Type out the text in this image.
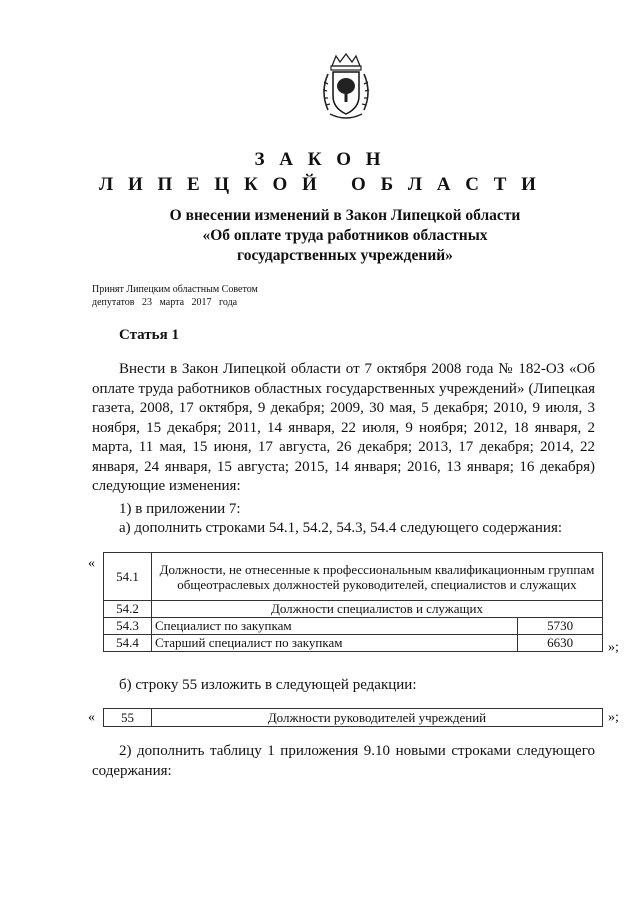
З А К О Н
Л И П Е Ц К О Й   О Б Л А С Т И
О внесении изменений в Закон Липецкой области
«Об оплате труда работников областных
государственных учреждений»
Принят Липецким областным Советом
депутатов   23   марта   2017   года
Статья 1
Внести в Закон Липецкой области от 7 октября 2008 года № 182-ОЗ «Об оплате труда работников областных государственных учреждений» (Липецкая газета, 2008, 17 октября, 9 декабря; 2009, 30 мая, 5 декабря; 2010, 9 июля, 3 ноября, 15 декабря; 2011, 14 января, 22 июля, 9 ноября; 2012, 18 января, 2 марта, 11 мая, 15 июня, 17 августа, 26 декабря; 2013, 17 декабря; 2014, 22 января, 24 января, 15 августа; 2015, 14 января; 2016, 13 января; 16 декабря) следующие изменения:
1) в приложении 7:
а) дополнить строками 54.1, 54.2, 54.3, 54.4 следующего содержания:
«
54.1	Должности, не отнесенные к профессиональным квалификационным группам общеотраслевых должностей руководителей, специалистов и служащих	
54.2	Должности специалистов и служащих	
54.3	Специалист по закупкам	5730
54.4	Старший специалист по закупкам	6630 »;
б) строку 55 изложить в следующей редакции:
« 55	Должности руководителей учреждений	»;
2) дополнить таблицу 1 приложения 9.10 новыми строками следующего содержания:
